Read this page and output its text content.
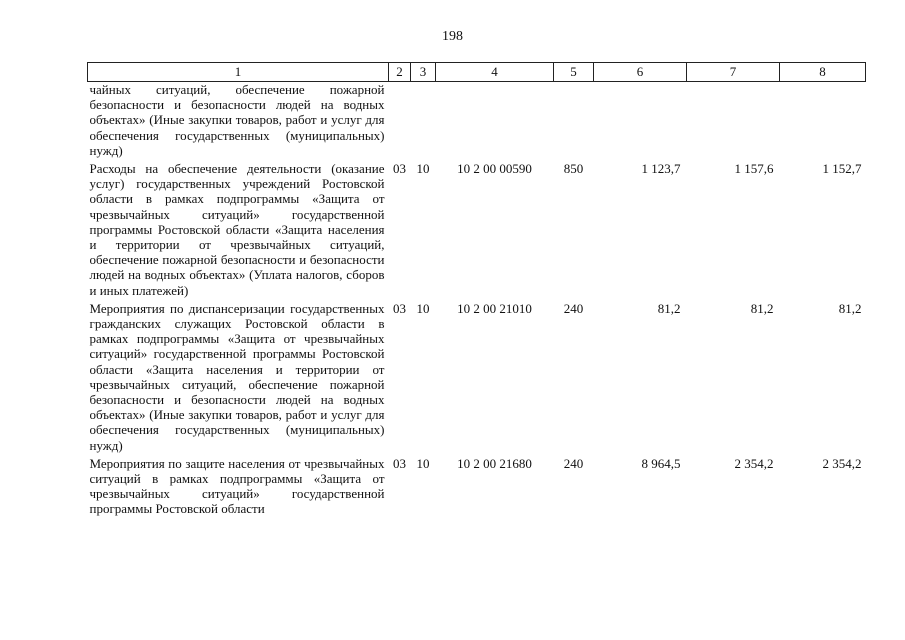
198
1	2	3	4	5	6	7	8
чайных ситуаций, обеспечение пожарной безопасности и безопасности людей на водных объектах» (Иные закупки товаров, работ и услуг для обеспечения государственных (муниципальных) нужд)							
Расходы на обеспечение деятельности (оказание услуг) государственных учреждений Ростовской области в рамках подпрограммы «Защита от чрезвычайных ситуаций» государственной программы Ростовской области «Защита населения и территории от чрезвычайных ситуаций, обеспечение пожарной безопасности и безопасности людей на водных объектах» (Уплата налогов, сборов и иных платежей)	03	10	10 2 00 00590	850	1 123,7	1 157,6	1 152,7
Мероприятия по диспансеризации государственных гражданских служащих Ростовской области в рамках подпрограммы «Защита от чрезвычайных ситуаций» государственной программы Ростовской области «Защита населения и территории от чрезвычайных ситуаций, обеспечение пожарной безопасности и безопасности людей на водных объектах» (Иные закупки товаров, работ и услуг для обеспечения государственных (муниципальных) нужд)	03	10	10 2 00 21010	240	81,2	81,2	81,2
Мероприятия по защите населения от чрезвычайных ситуаций в рамках подпрограммы «Защита от чрезвычайных ситуаций» государственной программы Ростовской области	03	10	10 2 00 21680	240	8 964,5	2 354,2	2 354,2
